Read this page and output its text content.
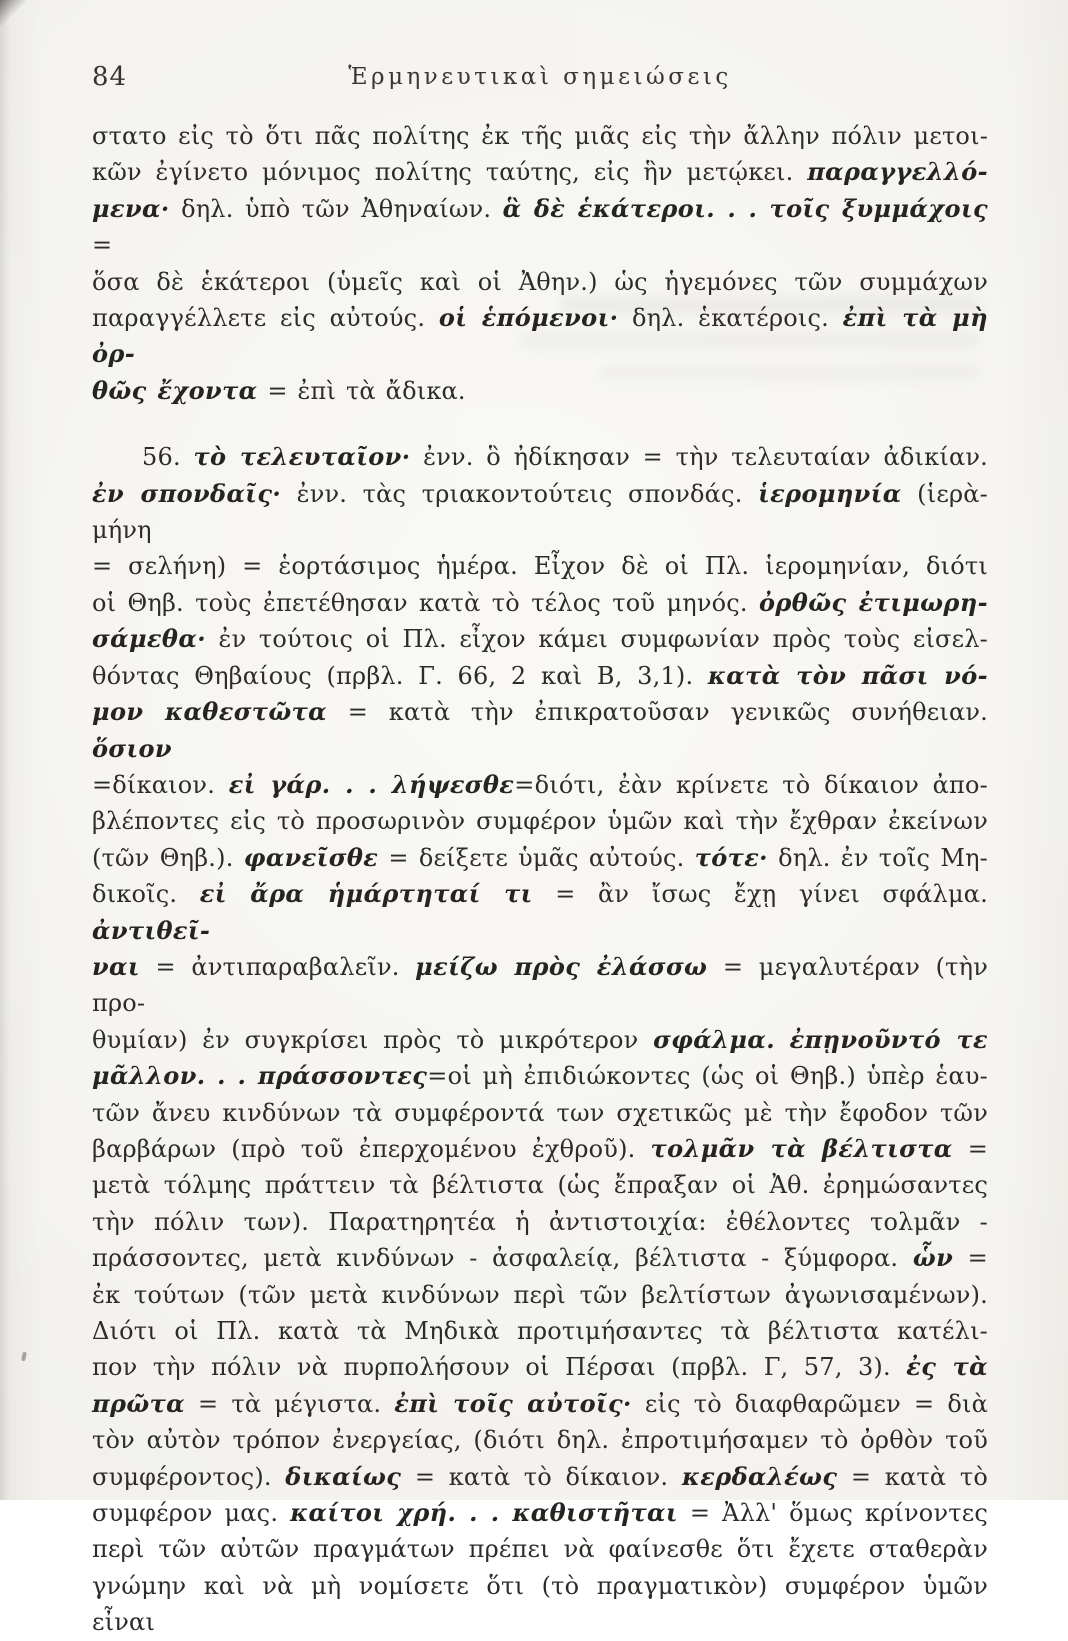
84	Ἑρμηνευτικαὶ σημειώσεις
στατο εἰς τὸ ὅτι πᾶς πολίτης ἐκ τῆς μιᾶς εἰς τὴν ἄλλην πόλιν μετοι-
κῶν ἐγίνετο μόνιμος πολίτης ταύτης, εἰς ἣν μετῴκει. παραγγελλό-
μενα· δηλ. ὑπὸ τῶν Ἀθηναίων. ἃ δὲ ἑκάτεροι. . . τοῖς ξυμμάχοις =
ὅσα δὲ ἑκάτεροι (ὑμεῖς καὶ οἱ Ἀθην.) ὡς ἡγεμόνες τῶν συμμάχων
παραγγέλλετε εἰς αὐτούς. οἱ ἑπόμενοι· δηλ. ἑκατέροις. ἐπὶ τὰ μὴ ὀρ-
θῶς ἔχοντα = ἐπὶ τὰ ἄδικα.
56. τὸ τελευταῖον· ἐνν. ὃ ἠδίκησαν = τὴν τελευταίαν ἀδικίαν.
ἐν σπονδαῖς· ἐνν. τὰς τριακοντούτεις σπονδάς. ἱερομηνία (ἱερὰ-μήνη
= σελήνη) = ἑορτάσιμος ἡμέρα. Εἶχον δὲ οἱ Πλ. ἱερομηνίαν, διότι
οἱ Θηβ. τοὺς ἐπετέθησαν κατὰ τὸ τέλος τοῦ μηνός. ὀρθῶς ἐτιμωρη-
σάμεθα· ἐν τούτοις οἱ Πλ. εἶχον κάμει συμφωνίαν πρὸς τοὺς εἰσελ-
θόντας Θηβαίους (πρβλ. Γ. 66, 2 καὶ Β, 3,1). κατὰ τὸν πᾶσι νό-
μον καθεστῶτα = κατὰ τὴν ἐπικρατοῦσαν γενικῶς συνήθειαν. ὅσιον
=δίκαιον. εἰ γάρ. . . λήψεσθε=διότι, ἐὰν κρίνετε τὸ δίκαιον ἀπο-
βλέποντες εἰς τὸ προσωρινὸν συμφέρον ὑμῶν καὶ τὴν ἔχθραν ἐκείνων
(τῶν Θηβ.). φανεῖσθε = δείξετε ὑμᾶς αὐτούς. τότε· δηλ. ἐν τοῖς Μη-
δικοῖς. εἰ ἄρα ἡμάρτηταί τι = ἂν ἴσως ἔχῃ γίνει σφάλμα. ἀντιθεῖ-
ναι = ἀντιπαραβαλεῖν. μείζω πρὸς ἐλάσσω = μεγαλυτέραν (τὴν προ-
θυμίαν) ἐν συγκρίσει πρὸς τὸ μικρότερον σφάλμα. ἐπῃνοῦντό τε
μᾶλλον. . . πράσσοντες=οἱ μὴ ἐπιδιώκοντες (ὡς οἱ Θηβ.) ὑπὲρ ἑαυ-
τῶν ἄνευ κινδύνων τὰ συμφέροντά των σχετικῶς μὲ τὴν ἔφοδον τῶν
βαρβάρων (πρὸ τοῦ ἐπερχομένου ἐχθροῦ). τολμᾶν τὰ βέλτιστα =
μετὰ τόλμης πράττειν τὰ βέλτιστα (ὡς ἔπραξαν οἱ Ἀθ. ἐρημώσαντες
τὴν πόλιν των). Παρατηρητέα ἡ ἀντιστοιχία: ἐθέλοντες τολμᾶν -
πράσσοντες, μετὰ κινδύνων - ἀσφαλείᾳ, βέλτιστα - ξύμφορα. ὧν =
ἐκ τούτων (τῶν μετὰ κινδύνων περὶ τῶν βελτίστων ἀγωνισαμένων).
Διότι οἱ Πλ. κατὰ τὰ Μηδικὰ προτιμήσαντες τὰ βέλτιστα κατέλι-
πον τὴν πόλιν νὰ πυρπολήσουν οἱ Πέρσαι (πρβλ. Γ, 57, 3). ἐς τὰ
πρῶτα = τὰ μέγιστα. ἐπὶ τοῖς αὐτοῖς· εἰς τὸ διαφθαρῶμεν = διὰ
τὸν αὐτὸν τρόπον ἐνεργείας, (διότι δηλ. ἐπροτιμήσαμεν τὸ ὀρθὸν τοῦ
συμφέροντος). δικαίως = κατὰ τὸ δίκαιον. κερδαλέως = κατὰ τὸ
συμφέρον μας. καίτοι χρή. . . καθιστῆται = Ἀλλ' ὅμως κρίνοντες
περὶ τῶν αὐτῶν πραγμάτων πρέπει νὰ φαίνεσθε ὅτι ἔχετε σταθερὰν
γνώμην καὶ νὰ μὴ νομίσετε ὅτι (τὸ πραγματικὸν) συμφέρον ὑμῶν εἶναι
